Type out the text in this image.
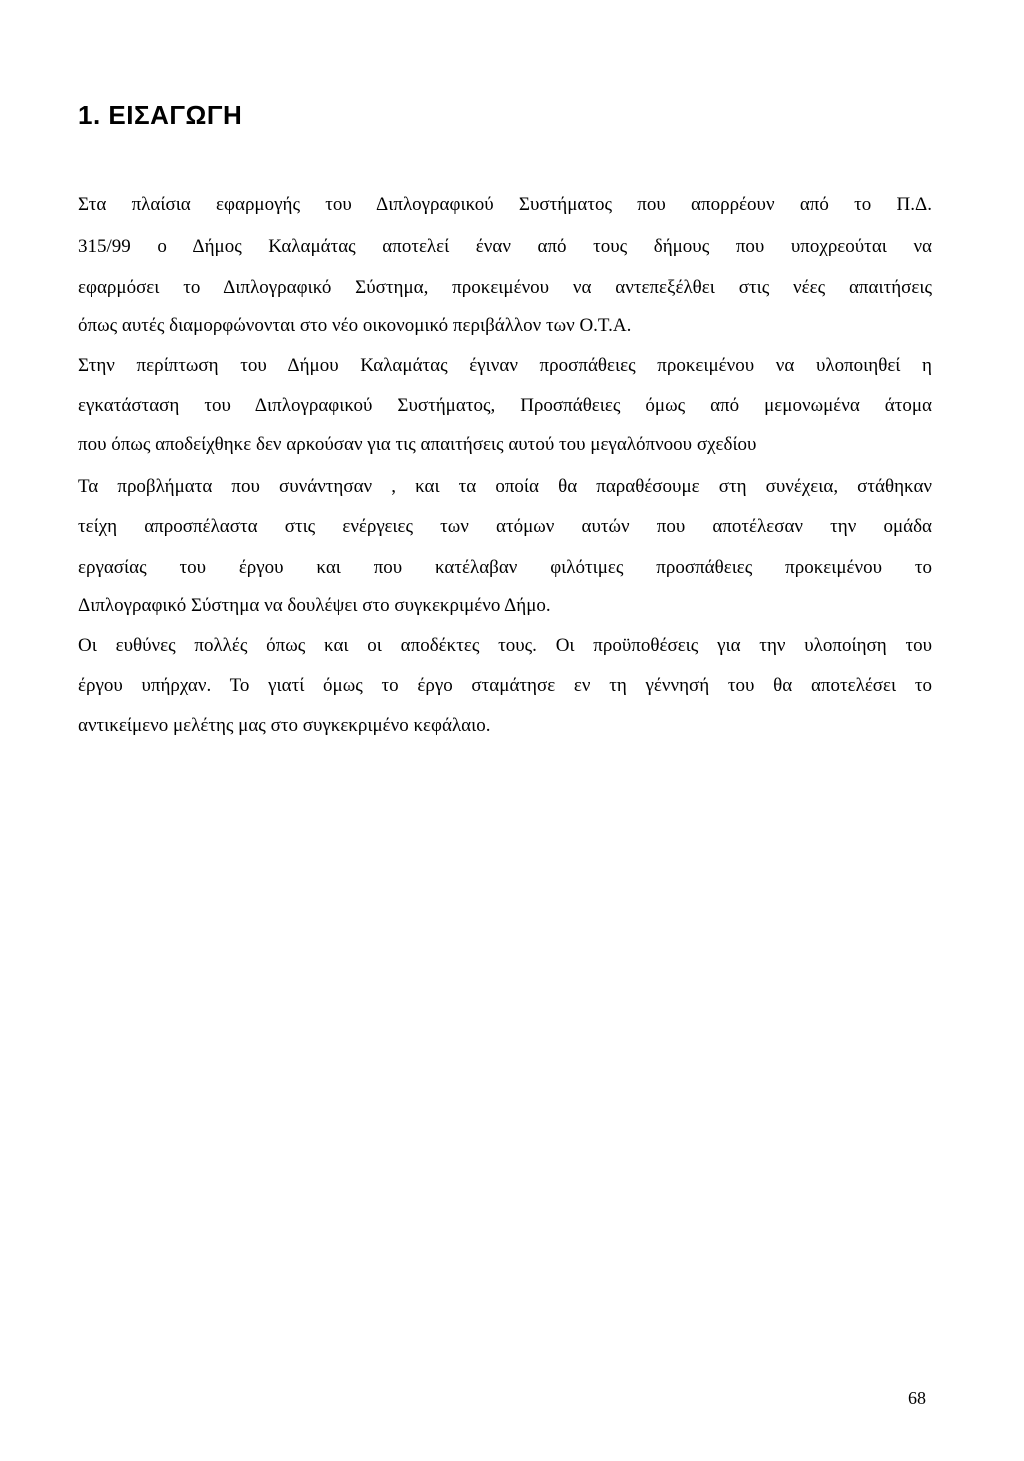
1. ΕΙΣΑΓΩΓΗ
Στα πλαίσια εφαρμογής του Διπλογραφικού Συστήματος που απορρέουν από το Π.Δ.
315/99 ο Δήμος Καλαμάτας αποτελεί έναν από τους δήμους που υποχρεούται να
εφαρμόσει το Διπλογραφικό Σύστημα, προκειμένου να αντεπεξέλθει στις νέες απαιτήσεις
όπως αυτές διαμορφώνονται στο νέο οικονομικό περιβάλλον των Ο.Τ.Α.
Στην περίπτωση του Δήμου Καλαμάτας έγιναν προσπάθειες προκειμένου να υλοποιηθεί η
εγκατάσταση του Διπλογραφικού Συστήματος, Προσπάθειες όμως από μεμονωμένα άτομα
που όπως αποδείχθηκε δεν αρκούσαν για τις απαιτήσεις αυτού του μεγαλόπνοου σχεδίου
Τα προβλήματα που συνάντησαν , και τα οποία θα παραθέσουμε στη συνέχεια, στάθηκαν
τείχη απροσπέλαστα στις ενέργειες των ατόμων αυτών που αποτέλεσαν την ομάδα
εργασίας του έργου και που κατέλαβαν φιλότιμες προσπάθειες προκειμένου το
Διπλογραφικό Σύστημα να δουλέψει στο συγκεκριμένο Δήμο.
Οι ευθύνες πολλές όπως και οι αποδέκτες τους. Οι προϋποθέσεις για την υλοποίηση του
έργου υπήρχαν. Το γιατί όμως το έργο σταμάτησε εν τη γέννησή του θα αποτελέσει το
αντικείμενο μελέτης μας στο συγκεκριμένο κεφάλαιο.
68
